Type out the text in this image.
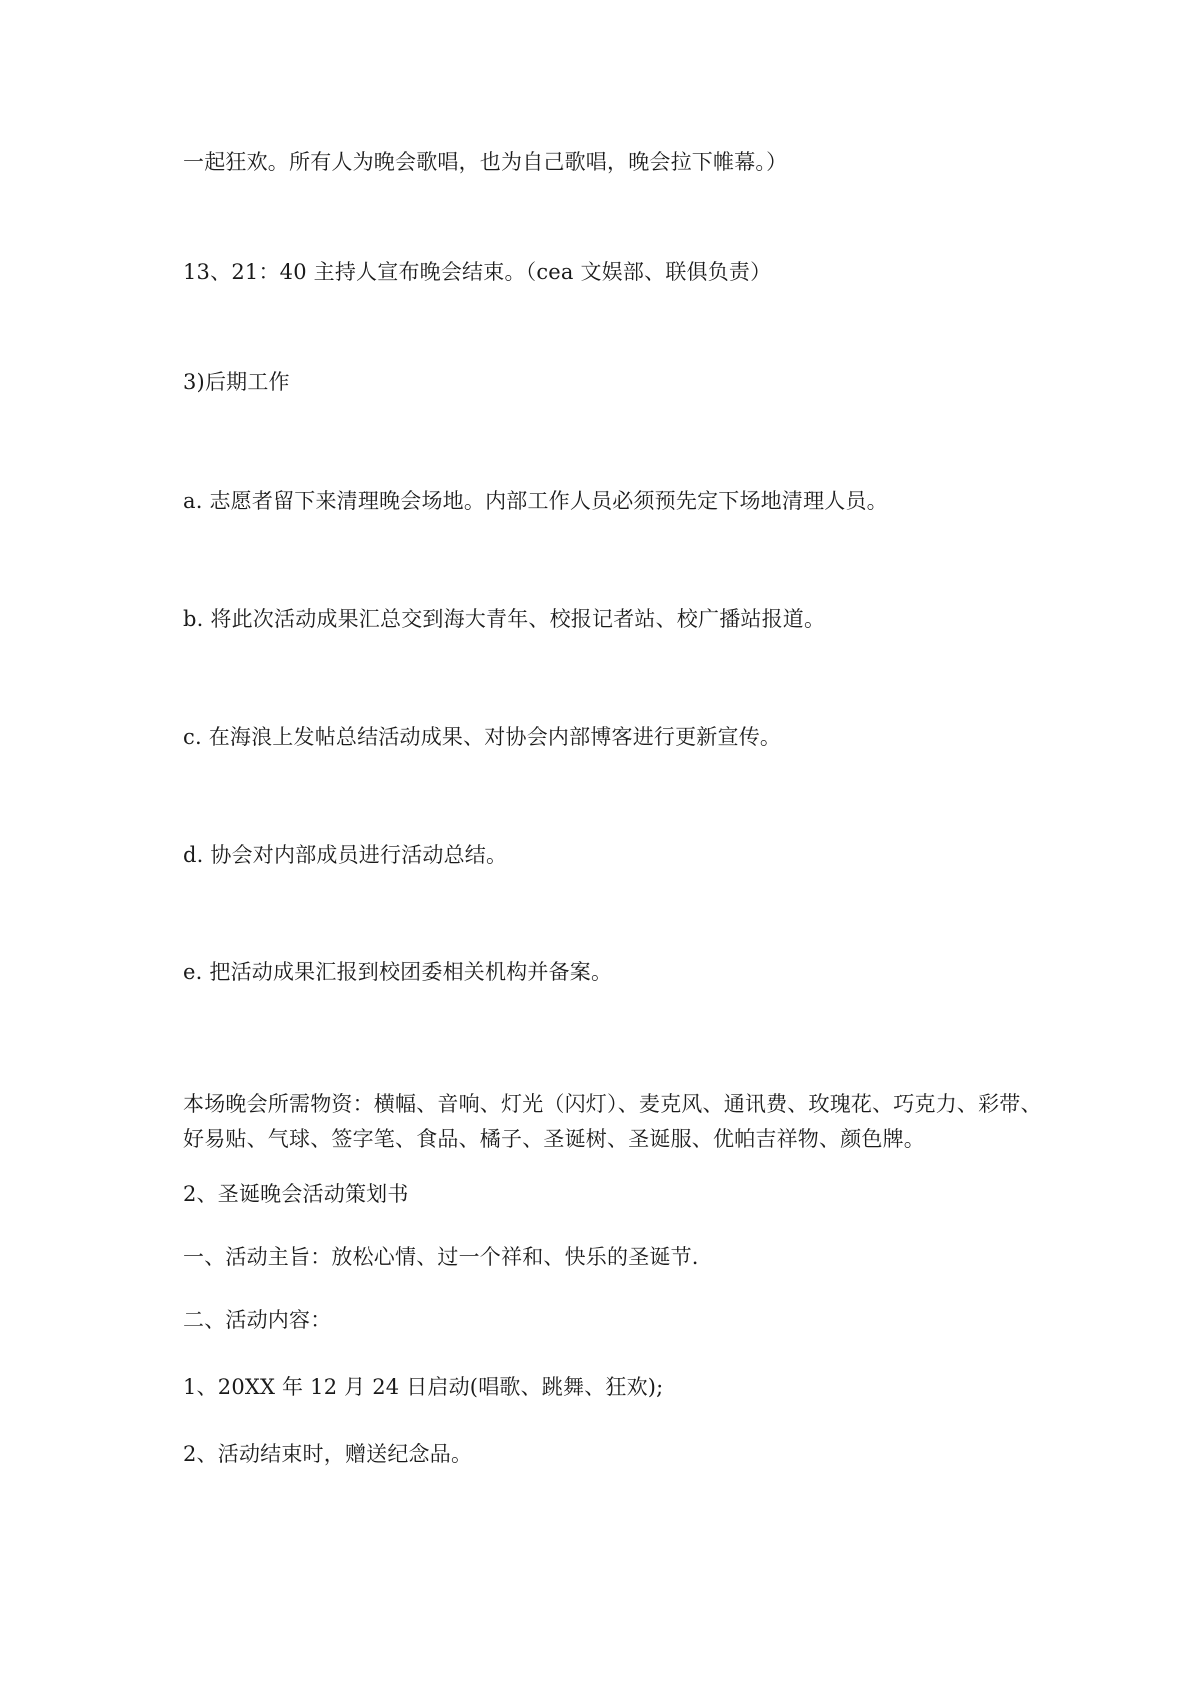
一起狂欢。所有人为晚会歌唱，也为自己歌唱，晚会拉下帷幕。）
13、21：40 主持人宣布晚会结束。（cea 文娱部、联俱负责）
3)后期工作
a. 志愿者留下来清理晚会场地。内部工作人员必须预先定下场地清理人员。
b. 将此次活动成果汇总交到海大青年、校报记者站、校广播站报道。
c. 在海浪上发帖总结活动成果、对协会内部博客进行更新宣传。
d. 协会对内部成员进行活动总结。
e. 把活动成果汇报到校团委相关机构并备案。
本场晚会所需物资：横幅、音响、灯光（闪灯）、麦克风、通讯费、玫瑰花、巧克力、彩带、好易贴、气球、签字笔、食品、橘子、圣诞树、圣诞服、优帕吉祥物、颜色牌。
2、圣诞晚会活动策划书
一、活动主旨：放松心情、过一个祥和、快乐的圣诞节.
二、活动内容：
1、20XX 年 12 月 24 日启动(唱歌、跳舞、狂欢);
2、活动结束时，赠送纪念品。
